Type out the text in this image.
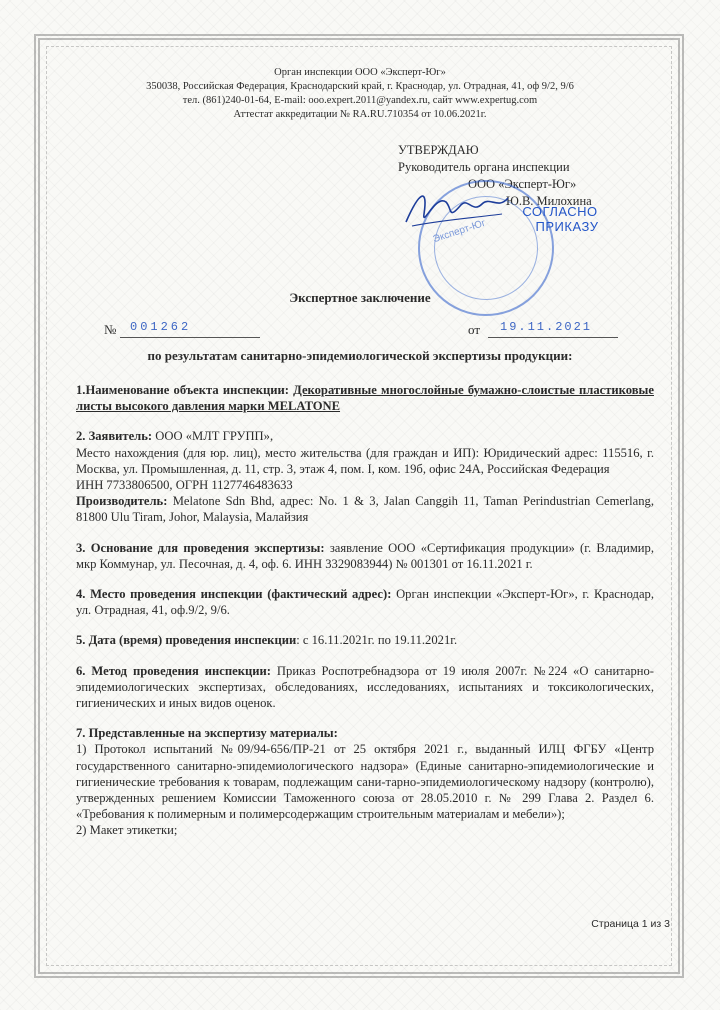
Орган инспекции ООО «Эксперт-Юг»
350038, Российская Федерация, Краснодарский край, г. Краснодар, ул. Отрадная, 41, оф 9/2, 9/6
тел. (861)240-01-64, E-mail: ooo.expert.2011@yandex.ru, сайт www.expertug.com
Аттестат аккредитации № RA.RU.710354 от 10.06.2021г.
УТВЕРЖДАЮ
Руководитель органа инспекции
ООО «Эксперт-Юг»
Ю.В. Милохина
Эксперт-Юг
СОГЛАСНО
ПРИКАЗУ
Экспертное заключение
№	001262	от	19.11.2021
по результатам санитарно-эпидемиологической экспертизы продукции:

1.Наименование объекта инспекции: Декоративные многослойные бумажно-слоистые пластиковые листы высокого давления марки MELATONE

2. Заявитель: ООО «МЛТ ГРУПП»,
Место нахождения (для юр. лиц), место жительства (для граждан и ИП): Юридический адрес: 115516, г. Москва, ул. Промышленная, д. 11, стр. 3, этаж 4, пом. I, ком. 19б, офис 24А, Российская Федерация
ИНН 7733806500, ОГРН 1127746483633

Производитель: Melatone Sdn Bhd, адрес: No. 1 & 3, Jalan Canggih 11, Taman Perindustrian Cemerlang, 81800 Ulu Tiram, Johor, Malaysia, Малайзия

3. Основание для проведения экспертизы: заявление ООО «Сертификация продукции» (г. Владимир, мкр Коммунар, ул. Песочная, д. 4, оф. 6. ИНН 3329083944) № 001301 от 16.11.2021 г.

4. Место проведения инспекции (фактический адрес): Орган инспекции «Эксперт-Юг», г. Краснодар, ул. Отрадная, 41, оф.9/2, 9/6.

5. Дата (время) проведения инспекции: с 16.11.2021г. по 19.11.2021г.

6. Метод проведения инспекции: Приказ Роспотребнадзора от 19 июля 2007г. №224 «О санитарно-эпидемиологических экспертизах, обследованиях, исследованиях, испытаниях и токсикологических, гигиенических и иных видов оценок.

7. Представленные на экспертизу материалы:
1) Протокол испытаний №09/94-656/ПР-21 от 25 октября 2021 г., выданный ИЛЦ ФГБУ «Центр государственного санитарно-эпидемиологического надзора» (Единые санитарно-эпидемиологические и гигиенические требования к товарам, подлежащим сани-тарно-эпидемиологическому надзору (контролю), утвержденных решением Комиссии Таможенного союза от 28.05.2010 г. № 299 Глава 2. Раздел 6. «Требования к полимерным и полимерсодержащим строительным материалам и мебели»);
2) Макет этикетки;
Страница 1 из 3
